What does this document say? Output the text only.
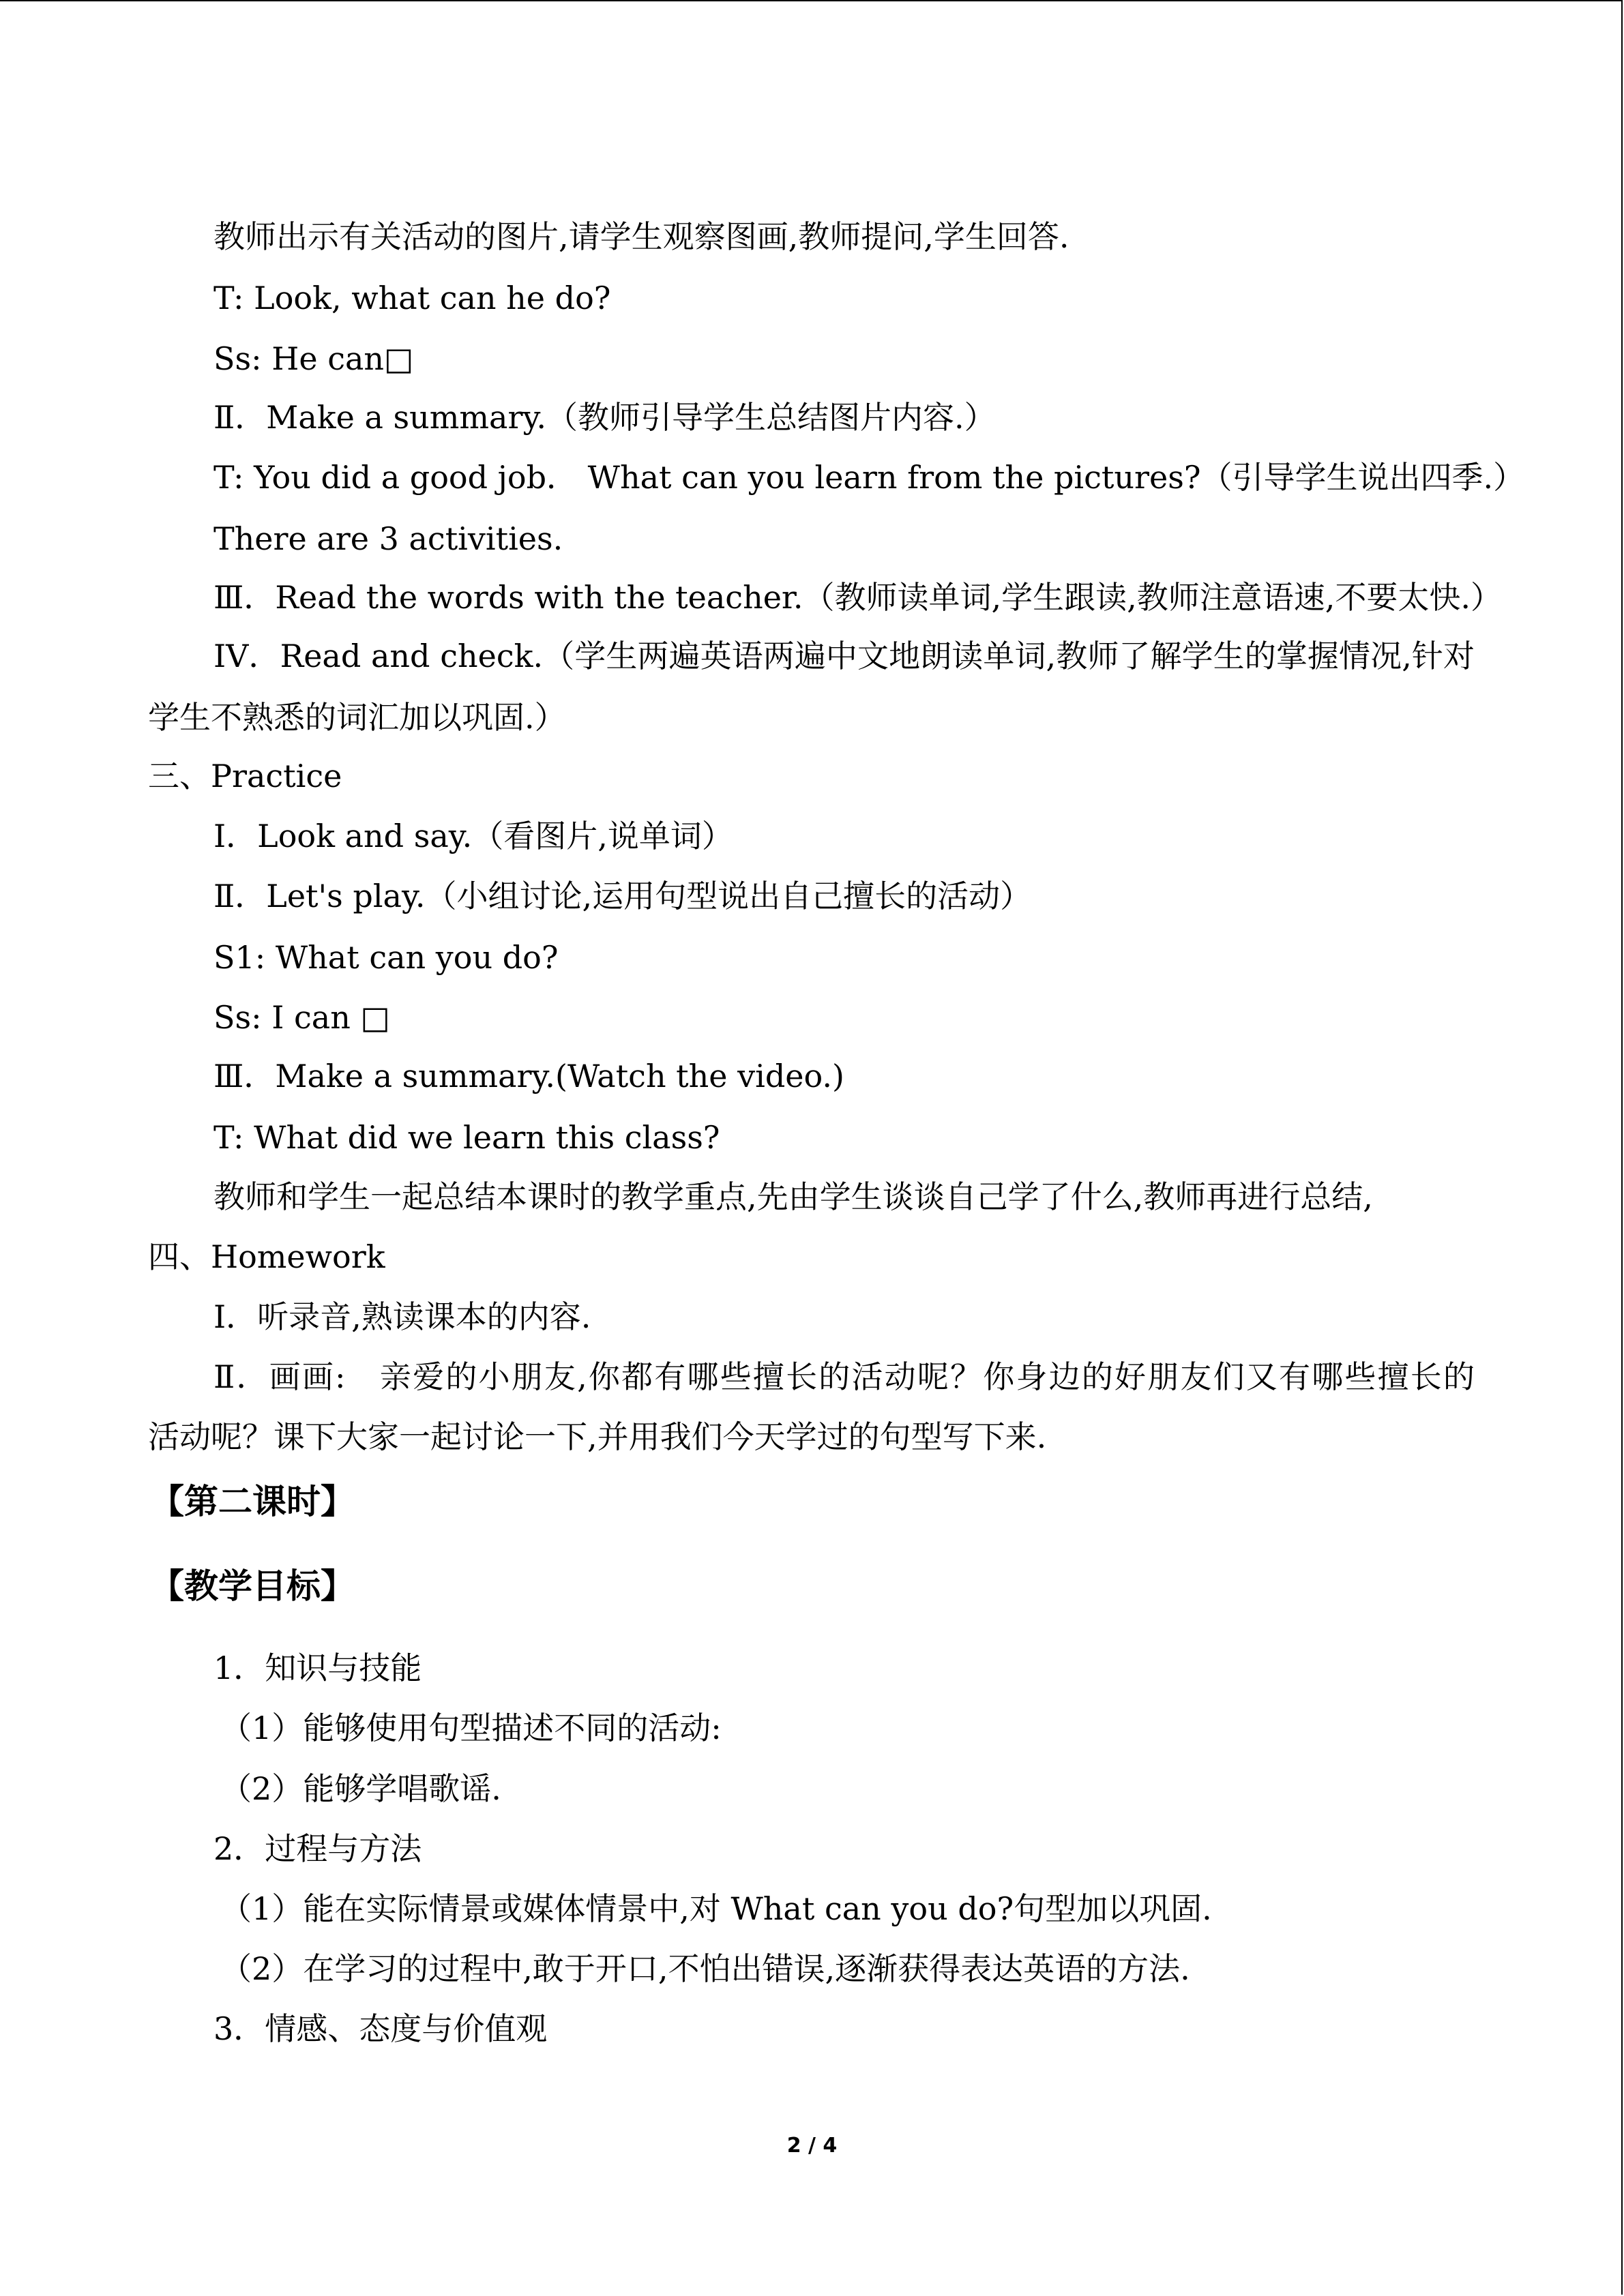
教师出示有关活动的图片,请学生观察图画,教师提问,学生回答.
T: Look, what can he do?
Ss: He can□
Ⅱ．Make a summary.（教师引导学生总结图片内容.）
T: You did a good job． What can you learn from the pictures?（引导学生说出四季.）
There are 3 activities.
Ⅲ．Read the words with the teacher.（教师读单词,学生跟读,教师注意语速,不要太快.）
IV．Read and check.（学生两遍英语两遍中文地朗读单词,教师了解学生的掌握情况,针对
学生不熟悉的词汇加以巩固.）
三、Practice
I．Look and say.（看图片,说单词）
Ⅱ．Let's play.（小组讨论,运用句型说出自己擅长的活动）
S1: What can you do?
Ss: I can □
Ⅲ．Make a summary.(Watch the video.)
T: What did we learn this class?
教师和学生一起总结本课时的教学重点,先由学生谈谈自己学了什么,教师再进行总结,
四、Homework
I．听录音,熟读课本的内容.
Ⅱ．画画:　亲爱的小朋友,你都有哪些擅长的活动呢？你身边的好朋友们又有哪些擅长的
活动呢？课下大家一起讨论一下,并用我们今天学过的句型写下来.
【第二课时】
【教学目标】
1．知识与技能
（1）能够使用句型描述不同的活动:
（2）能够学唱歌谣.
2．过程与方法
（1）能在实际情景或媒体情景中,对 What can you do?句型加以巩固.
（2）在学习的过程中,敢于开口,不怕出错误,逐渐获得表达英语的方法.
3．情感、态度与价值观
2 / 4
